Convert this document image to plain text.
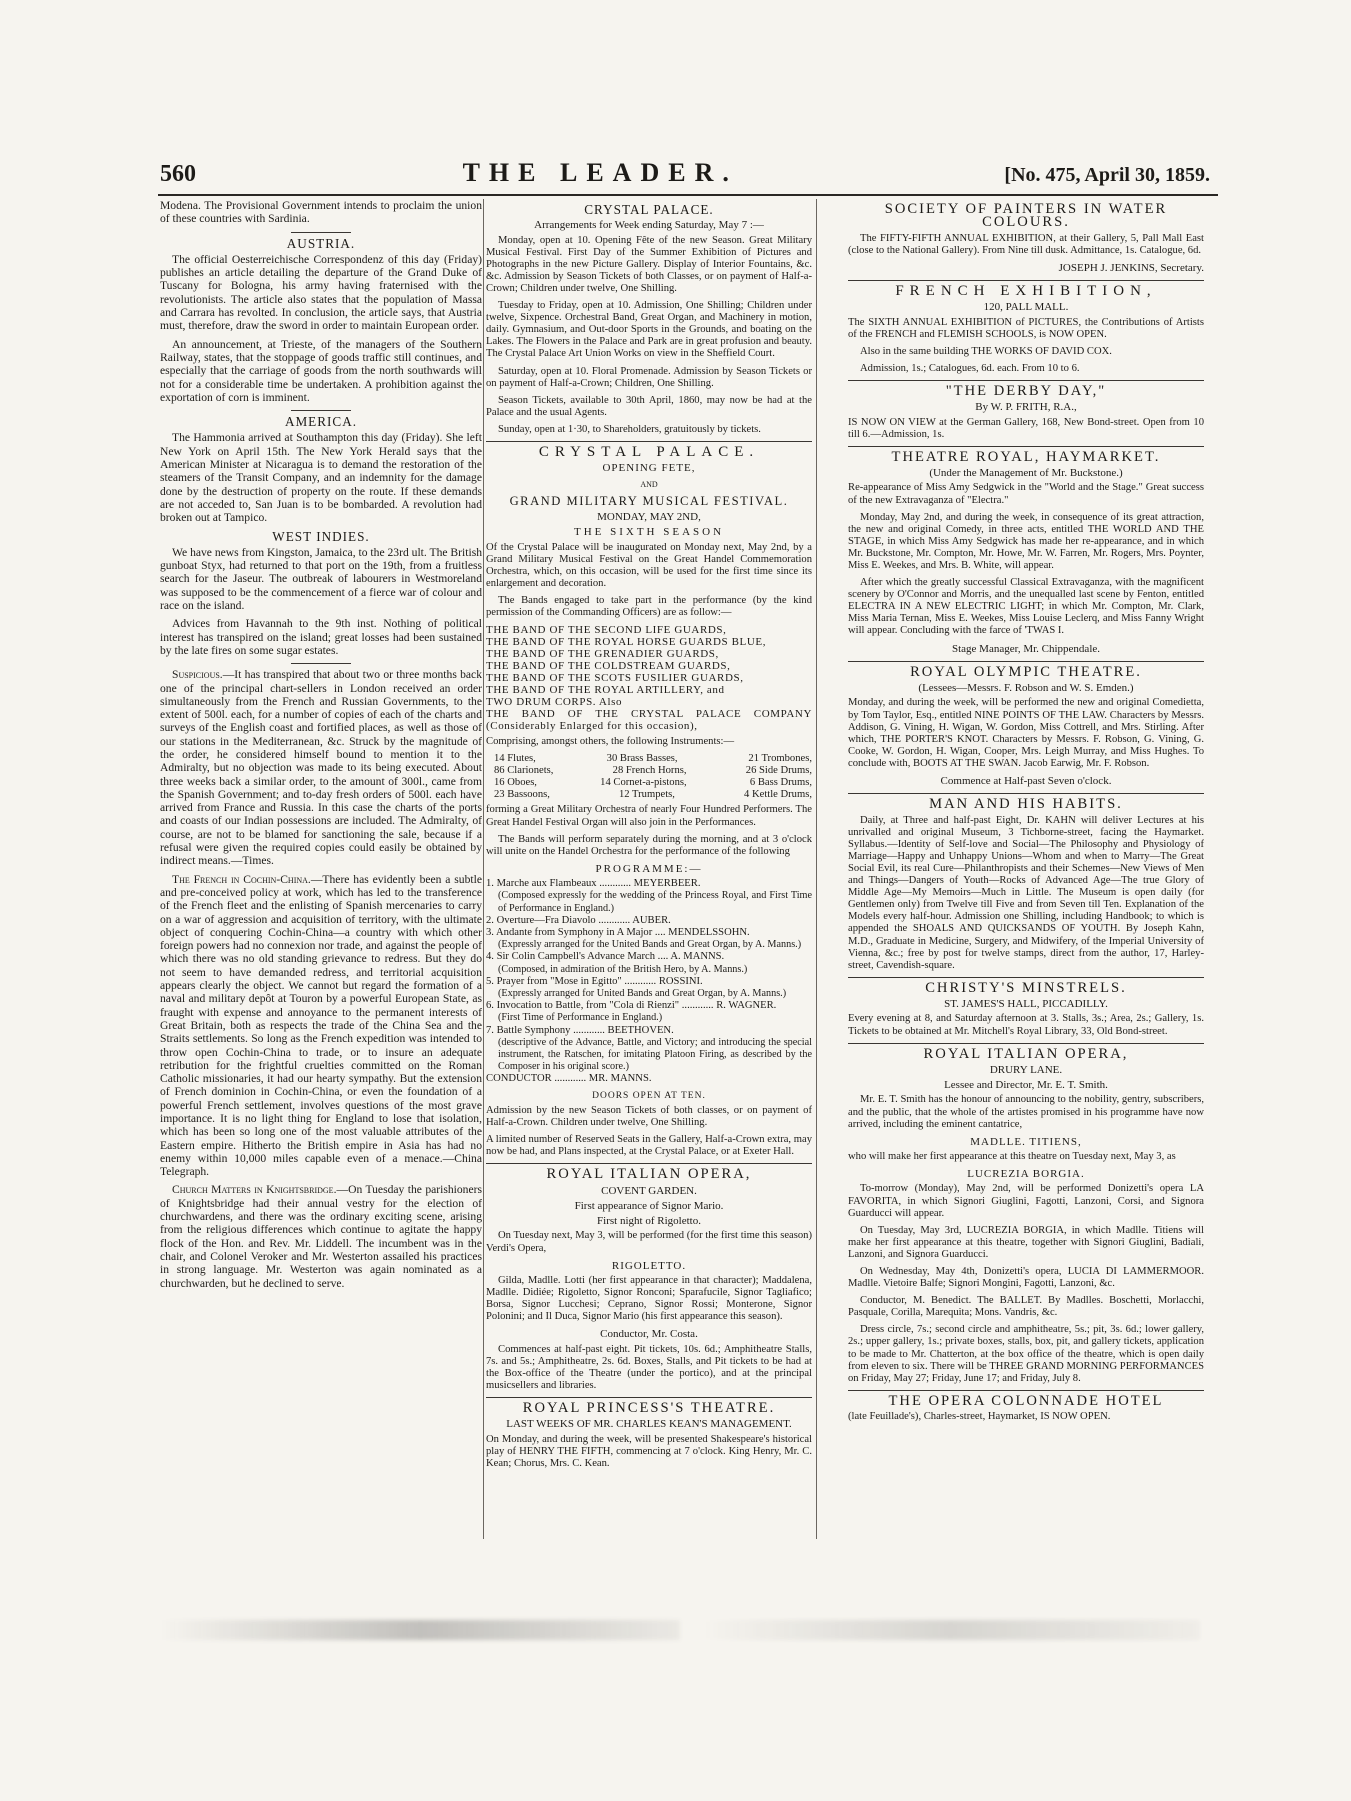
560	THE LEADER.	[No. 475, April 30, 1859.

Modena. The Provisional Government intends to proclaim the union of these countries with Sardinia.

AUSTRIA.

The official Oesterreichische Correspondenz of this day (Friday) publishes an article detailing the departure of the Grand Duke of Tuscany for Bologna, his army having fraternised with the revolutionists. The article also states that the population of Massa and Carrara has revolted. In conclusion, the article says, that Austria must, therefore, draw the sword in order to maintain European order.

An announcement, at Trieste, of the managers of the Southern Railway, states, that the stoppage of goods traffic still continues, and especially that the carriage of goods from the north southwards will not for a considerable time be undertaken. A prohibition against the exportation of corn is imminent.

AMERICA.

The Hammonia arrived at Southampton this day (Friday). She left New York on April 15th. The New York Herald says that the American Minister at Nicaragua is to demand the restoration of the steamers of the Transit Company, and an indemnity for the damage done by the destruction of property on the route. If these demands are not acceded to, San Juan is to be bombarded. A revolution had broken out at Tampico.

WEST INDIES.

We have news from Kingston, Jamaica, to the 23rd ult. The British gunboat Styx, had returned to that port on the 19th, from a fruitless search for the Jaseur. The outbreak of labourers in Westmoreland was supposed to be the commencement of a fierce war of colour and race on the island.

Advices from Havannah to the 9th inst. Nothing of political interest has transpired on the island; great losses had been sustained by the late fires on some sugar estates.

Suspicious.—It has transpired that about two or three months back one of the principal chart-sellers in London received an order simultaneously from the French and Russian Governments, to the extent of 500l. each, for a number of copies of each of the charts and surveys of the English coast and fortified places, as well as those of our stations in the Mediterranean, &c. Struck by the magnitude of the order, he considered himself bound to mention it to the Admiralty, but no objection was made to its being executed. About three weeks back a similar order, to the amount of 300l., came from the Spanish Government; and to-day fresh orders of 500l. each have arrived from France and Russia. In this case the charts of the ports and coasts of our Indian possessions are included. The Admiralty, of course, are not to be blamed for sanctioning the sale, because if a refusal were given the required copies could easily be obtained by indirect means.—Times.

The French in Cochin-China.—There has evidently been a subtle and pre-conceived policy at work, which has led to the transference of the French fleet and the enlisting of Spanish mercenaries to carry on a war of aggression and acquisition of territory, with the ultimate object of conquering Cochin-China—a country with which other foreign powers had no connexion nor trade, and against the people of which there was no old standing grievance to redress. But they do not seem to have demanded redress, and territorial acquisition appears clearly the object. We cannot but regard the formation of a naval and military depôt at Touron by a powerful European State, as fraught with expense and annoyance to the permanent interests of Great Britain, both as respects the trade of the China Sea and the Straits settlements. So long as the French expedition was intended to throw open Cochin-China to trade, or to insure an adequate retribution for the frightful cruelties committed on the Roman Catholic missionaries, it had our hearty sympathy. But the extension of French dominion in Cochin-China, or even the foundation of a powerful French settlement, involves questions of the most grave importance. It is no light thing for England to lose that isolation, which has been so long one of the most valuable attributes of the Eastern empire. Hitherto the British empire in Asia has had no enemy within 10,000 miles capable even of a menace.—China Telegraph.

Church Matters in Knightsbridge.—On Tuesday the parishioners of Knightsbridge had their annual vestry for the election of churchwardens, and there was the ordinary exciting scene, arising from the religious differences which continue to agitate the happy flock of the Hon. and Rev. Mr. Liddell. The incumbent was in the chair, and Colonel Veroker and Mr. Westerton assailed his practices in strong language. Mr. Westerton was again nominated as a churchwarden, but he declined to serve.

CRYSTAL PALACE.
Arrangements for Week ending Saturday, May 7 :—

Monday, open at 10. Opening Fête of the new Season. Great Military Musical Festival. First Day of the Summer Exhibition of Pictures and Photographs in the new Picture Gallery. Display of Interior Fountains, &c. &c. Admission by Season Tickets of both Classes, or on payment of Half-a-Crown; Children under twelve, One Shilling.

Tuesday to Friday, open at 10. Admission, One Shilling; Children under twelve, Sixpence. Orchestral Band, Great Organ, and Machinery in motion, daily. Gymnasium, and Out-door Sports in the Grounds, and boating on the Lakes. The Flowers in the Palace and Park are in great profusion and beauty. The Crystal Palace Art Union Works on view in the Sheffield Court.

Saturday, open at 10. Floral Promenade. Admission by Season Tickets or on payment of Half-a-Crown; Children, One Shilling.

Season Tickets, available to 30th April, 1860, may now be had at the Palace and the usual Agents.

Sunday, open at 1·30, to Shareholders, gratuitously by tickets.

CRYSTAL PALACE.
OPENING FETE,
AND
GRAND MILITARY MUSICAL FESTIVAL.
MONDAY, MAY 2ND,
THE SIXTH SEASON

Of the Crystal Palace will be inaugurated on Monday next, May 2nd, by a Grand Military Musical Festival on the Great Handel Commemoration Orchestra, which, on this occasion, will be used for the first time since its enlargement and decoration.

The Bands engaged to take part in the performance (by the kind permission of the Commanding Officers) are as follow:—

THE BAND OF THE SECOND LIFE GUARDS,
THE BAND OF THE ROYAL HORSE GUARDS BLUE,
THE BAND OF THE GRENADIER GUARDS,
THE BAND OF THE COLDSTREAM GUARDS,
THE BAND OF THE SCOTS FUSILIER GUARDS,
THE BAND OF THE ROYAL ARTILLERY, and
TWO DRUM CORPS. Also
THE BAND OF THE CRYSTAL PALACE COMPANY (Considerably Enlarged for this occasion),

Comprising, amongst others, the following Instruments:—

14 Flutes,	30 Brass Basses,	21 Trombones,
86 Clarionets,	28 French Horns,	26 Side Drums,
16 Oboes,	14 Cornet-a-pistons,	6 Bass Drums,
23 Bassoons,	12 Trumpets,	4 Kettle Drums,

forming a Great Military Orchestra of nearly Four Hundred Performers. The Great Handel Festival Organ will also join in the Performances.

The Bands will perform separately during the morning, and at 3 o'clock will unite on the Handel Orchestra for the performance of the following

PROGRAMME:—
1. Marche aux Flambeaux ............ MEYERBEER.
(Composed expressly for the wedding of the Princess Royal, and First Time of Performance in England.)
2. Overture—Fra Diavolo ............ AUBER.
3. Andante from Symphony in A Major .... MENDELSSOHN.
(Expressly arranged for the United Bands and Great Organ, by A. Manns.)
4. Sir Colin Campbell's Advance March .... A. MANNS.
(Composed, in admiration of the British Hero, by A. Manns.)
5. Prayer from "Mose in Egitto" ............ ROSSINI.
(Expressly arranged for United Bands and Great Organ, by A. Manns.)
6. Invocation to Battle, from "Cola di Rienzi" ............ R. WAGNER.
(First Time of Performance in England.)
7. Battle Symphony ............ BEETHOVEN.
(descriptive of the Advance, Battle, and Victory; and introducing the special instrument, the Ratschen, for imitating Platoon Firing, as described by the Composer in his original score.)
CONDUCTOR ............ MR. MANNS.
DOORS OPEN AT TEN.

Admission by the new Season Tickets of both classes, or on payment of Half-a-Crown. Children under twelve, One Shilling.

A limited number of Reserved Seats in the Gallery, Half-a-Crown extra, may now be had, and Plans inspected, at the Crystal Palace, or at Exeter Hall.

ROYAL ITALIAN OPERA,
COVENT GARDEN.
First appearance of Signor Mario.
First night of Rigoletto.

On Tuesday next, May 3, will be performed (for the first time this season) Verdi's Opera,

RIGOLETTO.

Gilda, Madlle. Lotti (her first appearance in that character); Maddalena, Madlle. Didiée; Rigoletto, Signor Ronconi; Sparafucile, Signor Tagliafico; Borsa, Signor Lucchesi; Ceprano, Signor Rossi; Monterone, Signor Polonini; and Il Duca, Signor Mario (his first appearance this season).

Conductor, Mr. Costa.

Commences at half-past eight. Pit tickets, 10s. 6d.; Amphitheatre Stalls, 7s. and 5s.; Amphitheatre, 2s. 6d. Boxes, Stalls, and Pit tickets to be had at the Box-office of the Theatre (under the portico), and at the principal musicsellers and libraries.

ROYAL PRINCESS'S THEATRE.
LAST WEEKS OF MR. CHARLES KEAN'S MANAGEMENT.

On Monday, and during the week, will be presented Shakespeare's historical play of HENRY THE FIFTH, commencing at 7 o'clock. King Henry, Mr. C. Kean; Chorus, Mrs. C. Kean.

SOCIETY OF PAINTERS IN WATER COLOURS.

The FIFTY-FIFTH ANNUAL EXHIBITION, at their Gallery, 5, Pall Mall East (close to the National Gallery). From Nine till dusk. Admittance, 1s. Catalogue, 6d.

JOSEPH J. JENKINS, Secretary.
FRENCH EXHIBITION,
120, PALL MALL.

The SIXTH ANNUAL EXHIBITION of PICTURES, the Contributions of Artists of the FRENCH and FLEMISH SCHOOLS, is NOW OPEN.

Also in the same building THE WORKS OF DAVID COX.

Admission, 1s.; Catalogues, 6d. each. From 10 to 6.

"THE DERBY DAY,"
By W. P. FRITH, R.A.,

IS NOW ON VIEW at the German Gallery, 168, New Bond-street. Open from 10 till 6.—Admission, 1s.

THEATRE ROYAL, HAYMARKET.
(Under the Management of Mr. Buckstone.)

Re-appearance of Miss Amy Sedgwick in the "World and the Stage." Great success of the new Extravaganza of "Electra."

Monday, May 2nd, and during the week, in consequence of its great attraction, the new and original Comedy, in three acts, entitled THE WORLD AND THE STAGE, in which Miss Amy Sedgwick has made her re-appearance, and in which Mr. Buckstone, Mr. Compton, Mr. Howe, Mr. W. Farren, Mr. Rogers, Mrs. Poynter, Miss E. Weekes, and Mrs. B. White, will appear.

After which the greatly successful Classical Extravaganza, with the magnificent scenery by O'Connor and Morris, and the unequalled last scene by Fenton, entitled ELECTRA IN A NEW ELECTRIC LIGHT; in which Mr. Compton, Mr. Clark, Miss Maria Ternan, Miss E. Weekes, Miss Louise Leclerq, and Miss Fanny Wright will appear. Concluding with the farce of 'TWAS I.

Stage Manager, Mr. Chippendale.
ROYAL OLYMPIC THEATRE.
(Lessees—Messrs. F. Robson and W. S. Emden.)

Monday, and during the week, will be performed the new and original Comedietta, by Tom Taylor, Esq., entitled NINE POINTS OF THE LAW. Characters by Messrs. Addison, G. Vining, H. Wigan, W. Gordon, Miss Cottrell, and Mrs. Stirling. After which, THE PORTER'S KNOT. Characters by Messrs. F. Robson, G. Vining, G. Cooke, W. Gordon, H. Wigan, Cooper, Mrs. Leigh Murray, and Miss Hughes. To conclude with, BOOTS AT THE SWAN. Jacob Earwig, Mr. F. Robson.

Commence at Half-past Seven o'clock.
MAN AND HIS HABITS.

Daily, at Three and half-past Eight, Dr. KAHN will deliver Lectures at his unrivalled and original Museum, 3 Tichborne-street, facing the Haymarket. Syllabus.—Identity of Self-love and Social—The Philosophy and Physiology of Marriage—Happy and Unhappy Unions—Whom and when to Marry—The Great Social Evil, its real Cure—Philanthropists and their Schemes—New Views of Men and Things—Dangers of Youth—Rocks of Advanced Age—The true Glory of Middle Age—My Memoirs—Much in Little. The Museum is open daily (for Gentlemen only) from Twelve till Five and from Seven till Ten. Explanation of the Models every half-hour. Admission one Shilling, including Handbook; to which is appended the SHOALS AND QUICKSANDS OF YOUTH. By Joseph Kahn, M.D., Graduate in Medicine, Surgery, and Midwifery, of the Imperial University of Vienna, &c.; free by post for twelve stamps, direct from the author, 17, Harley-street, Cavendish-square.

CHRISTY'S MINSTRELS.
ST. JAMES'S HALL, PICCADILLY.

Every evening at 8, and Saturday afternoon at 3. Stalls, 3s.; Area, 2s.; Gallery, 1s. Tickets to be obtained at Mr. Mitchell's Royal Library, 33, Old Bond-street.

ROYAL ITALIAN OPERA,
DRURY LANE.
Lessee and Director, Mr. E. T. Smith.

Mr. E. T. Smith has the honour of announcing to the nobility, gentry, subscribers, and the public, that the whole of the artistes promised in his programme have now arrived, including the eminent cantatrice,

MADLLE. TITIENS,

who will make her first appearance at this theatre on Tuesday next, May 3, as

LUCREZIA BORGIA.

To-morrow (Monday), May 2nd, will be performed Donizetti's opera LA FAVORITA, in which Signori Giuglini, Fagotti, Lanzoni, Corsi, and Signora Guarducci will appear.

On Tuesday, May 3rd, LUCREZIA BORGIA, in which Madlle. Titiens will make her first appearance at this theatre, together with Signori Giuglini, Badiali, Lanzoni, and Signora Guarducci.

On Wednesday, May 4th, Donizetti's opera, LUCIA DI LAMMERMOOR. Madlle. Vietoire Balfe; Signori Mongini, Fagotti, Lanzoni, &c.

Conductor, M. Benedict. The BALLET. By Madlles. Boschetti, Morlacchi, Pasquale, Corilla, Marequita; Mons. Vandris, &c.

Dress circle, 7s.; second circle and amphitheatre, 5s.; pit, 3s. 6d.; lower gallery, 2s.; upper gallery, 1s.; private boxes, stalls, box, pit, and gallery tickets, application to be made to Mr. Chatterton, at the box office of the theatre, which is open daily from eleven to six. There will be THREE GRAND MORNING PERFORMANCES on Friday, May 27; Friday, June 17; and Friday, July 8.

THE OPERA COLONNADE HOTEL

(late Feuillade's), Charles-street, Haymarket, IS NOW OPEN.
